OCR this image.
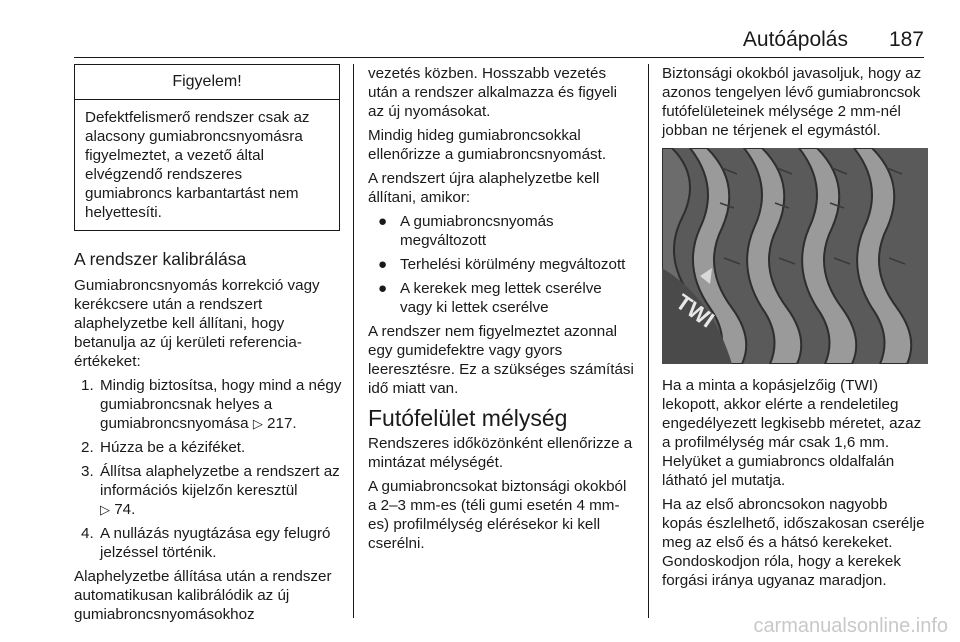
Autóápolás 187
Figyelem!
Defektfelismerő rendszer csak az alacsony gumiabroncsnyomásra figyelmeztet, a vezető által elvégzendő rendszeres gumiabroncs karbantartást nem helyettesíti.
A rendszer kalibrálása

Gumiabroncsnyomás korrekció vagy kerékcsere után a rendszert alaphelyzetbe kell állítani, hogy betanulja az új kerületi referencia-értékeket:

1. Mindig biztosítsa, hogy mind a négy gumiabroncsnak helyes a gumiabroncsnyomása ▷ 217.
2. Húzza be a kéziféket.
3. Állítsa alaphelyzetbe a rendszert az információs kijelzőn keresztül
▷ 74.
4. A nullázás nyugtázása egy felugró jelzéssel történik.

Alaphelyzetbe állítása után a rendszer automatikusan kalibrálódik az új gumiabroncsnyomásokhoz

vezetés közben. Hosszabb vezetés után a rendszer alkalmazza és figyeli az új nyomásokat.

Mindig hideg gumiabroncsokkal ellenőrizze a gumiabroncsnyomást.

A rendszert újra alaphelyzetbe kell állítani, amikor:

● A gumiabroncsnyomás megváltozott
● Terhelési körülmény megváltozott
● A kerekek meg lettek cserélve vagy ki lettek cserélve

A rendszer nem figyelmeztet azonnal egy gumidefektre vagy gyors leeresztésre. Ez a szükséges számítási idő miatt van.

Futófelület mélység

Rendszeres időközönként ellenőrizze a mintázat mélységét.

A gumiabroncsokat biztonsági okokból a 2–3 mm-es (téli gumi esetén 4 mm-es) profilmélység elérésekor ki kell cserélni.

Biztonsági okokból javasoljuk, hogy az azonos tengelyen lévő gumiabroncsok futófelületeinek mélysége 2 mm-nél jobban ne térjenek el egymástól.

TWI

Ha a minta a kopásjelzőig (TWI) lekopott, akkor elérte a rendeletileg engedélyezett legkisebb méretet, azaz a profilmélység már csak 1,6 mm. Helyüket a gumiabroncs oldalfalán látható jel mutatja.

Ha az első abroncsokon nagyobb kopás észlelhető, időszakosan cserélje meg az első és a hátsó kerekeket. Gondoskodjon róla, hogy a kerekek forgási iránya ugyanaz maradjon.

carmanualsonline.info
